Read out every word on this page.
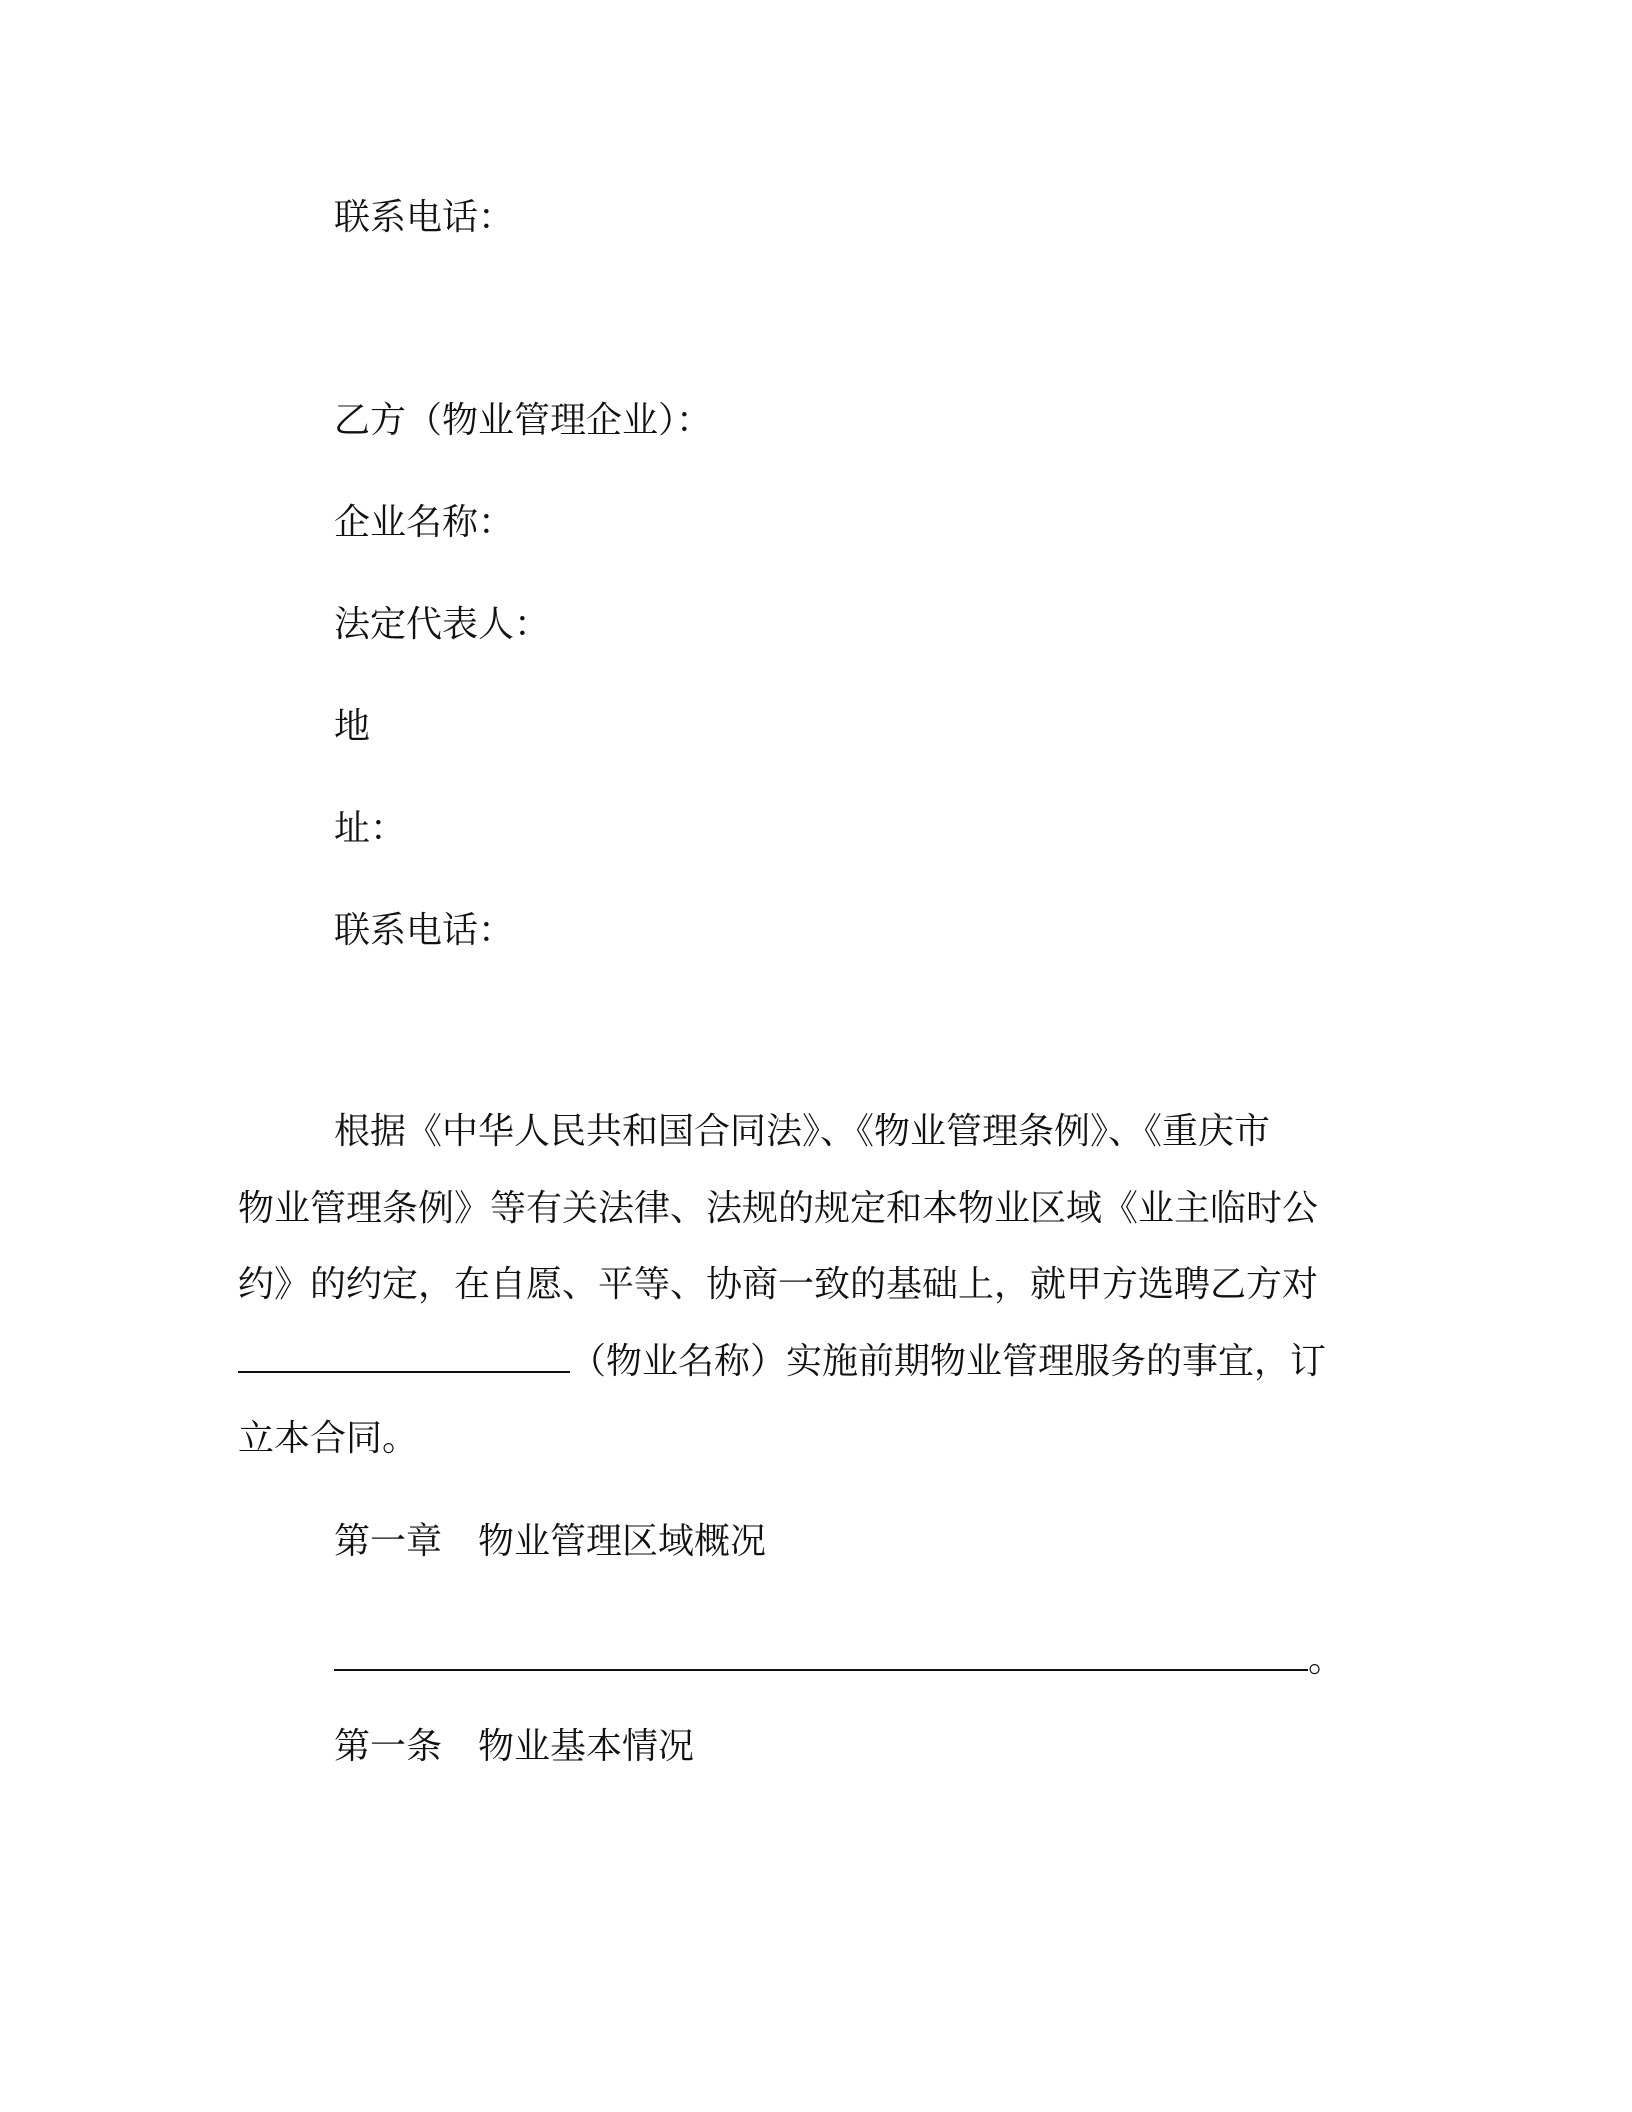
联系电话：
乙方（物业管理企业）：
企业名称：
法定代表人：
地
址：
联系电话：
根据《中华人民共和国合同法》、《物业管理条例》、《重庆市
物业管理条例》等有关法律、法规的规定和本物业区域《业主临时公
约》的约定，在自愿、平等、协商一致的基础上，就甲方选聘乙方对
（物业名称）实施前期物业管理服务的事宜，订
立本合同。
第一章　物业管理区域概况
。
第一条　物业基本情况
